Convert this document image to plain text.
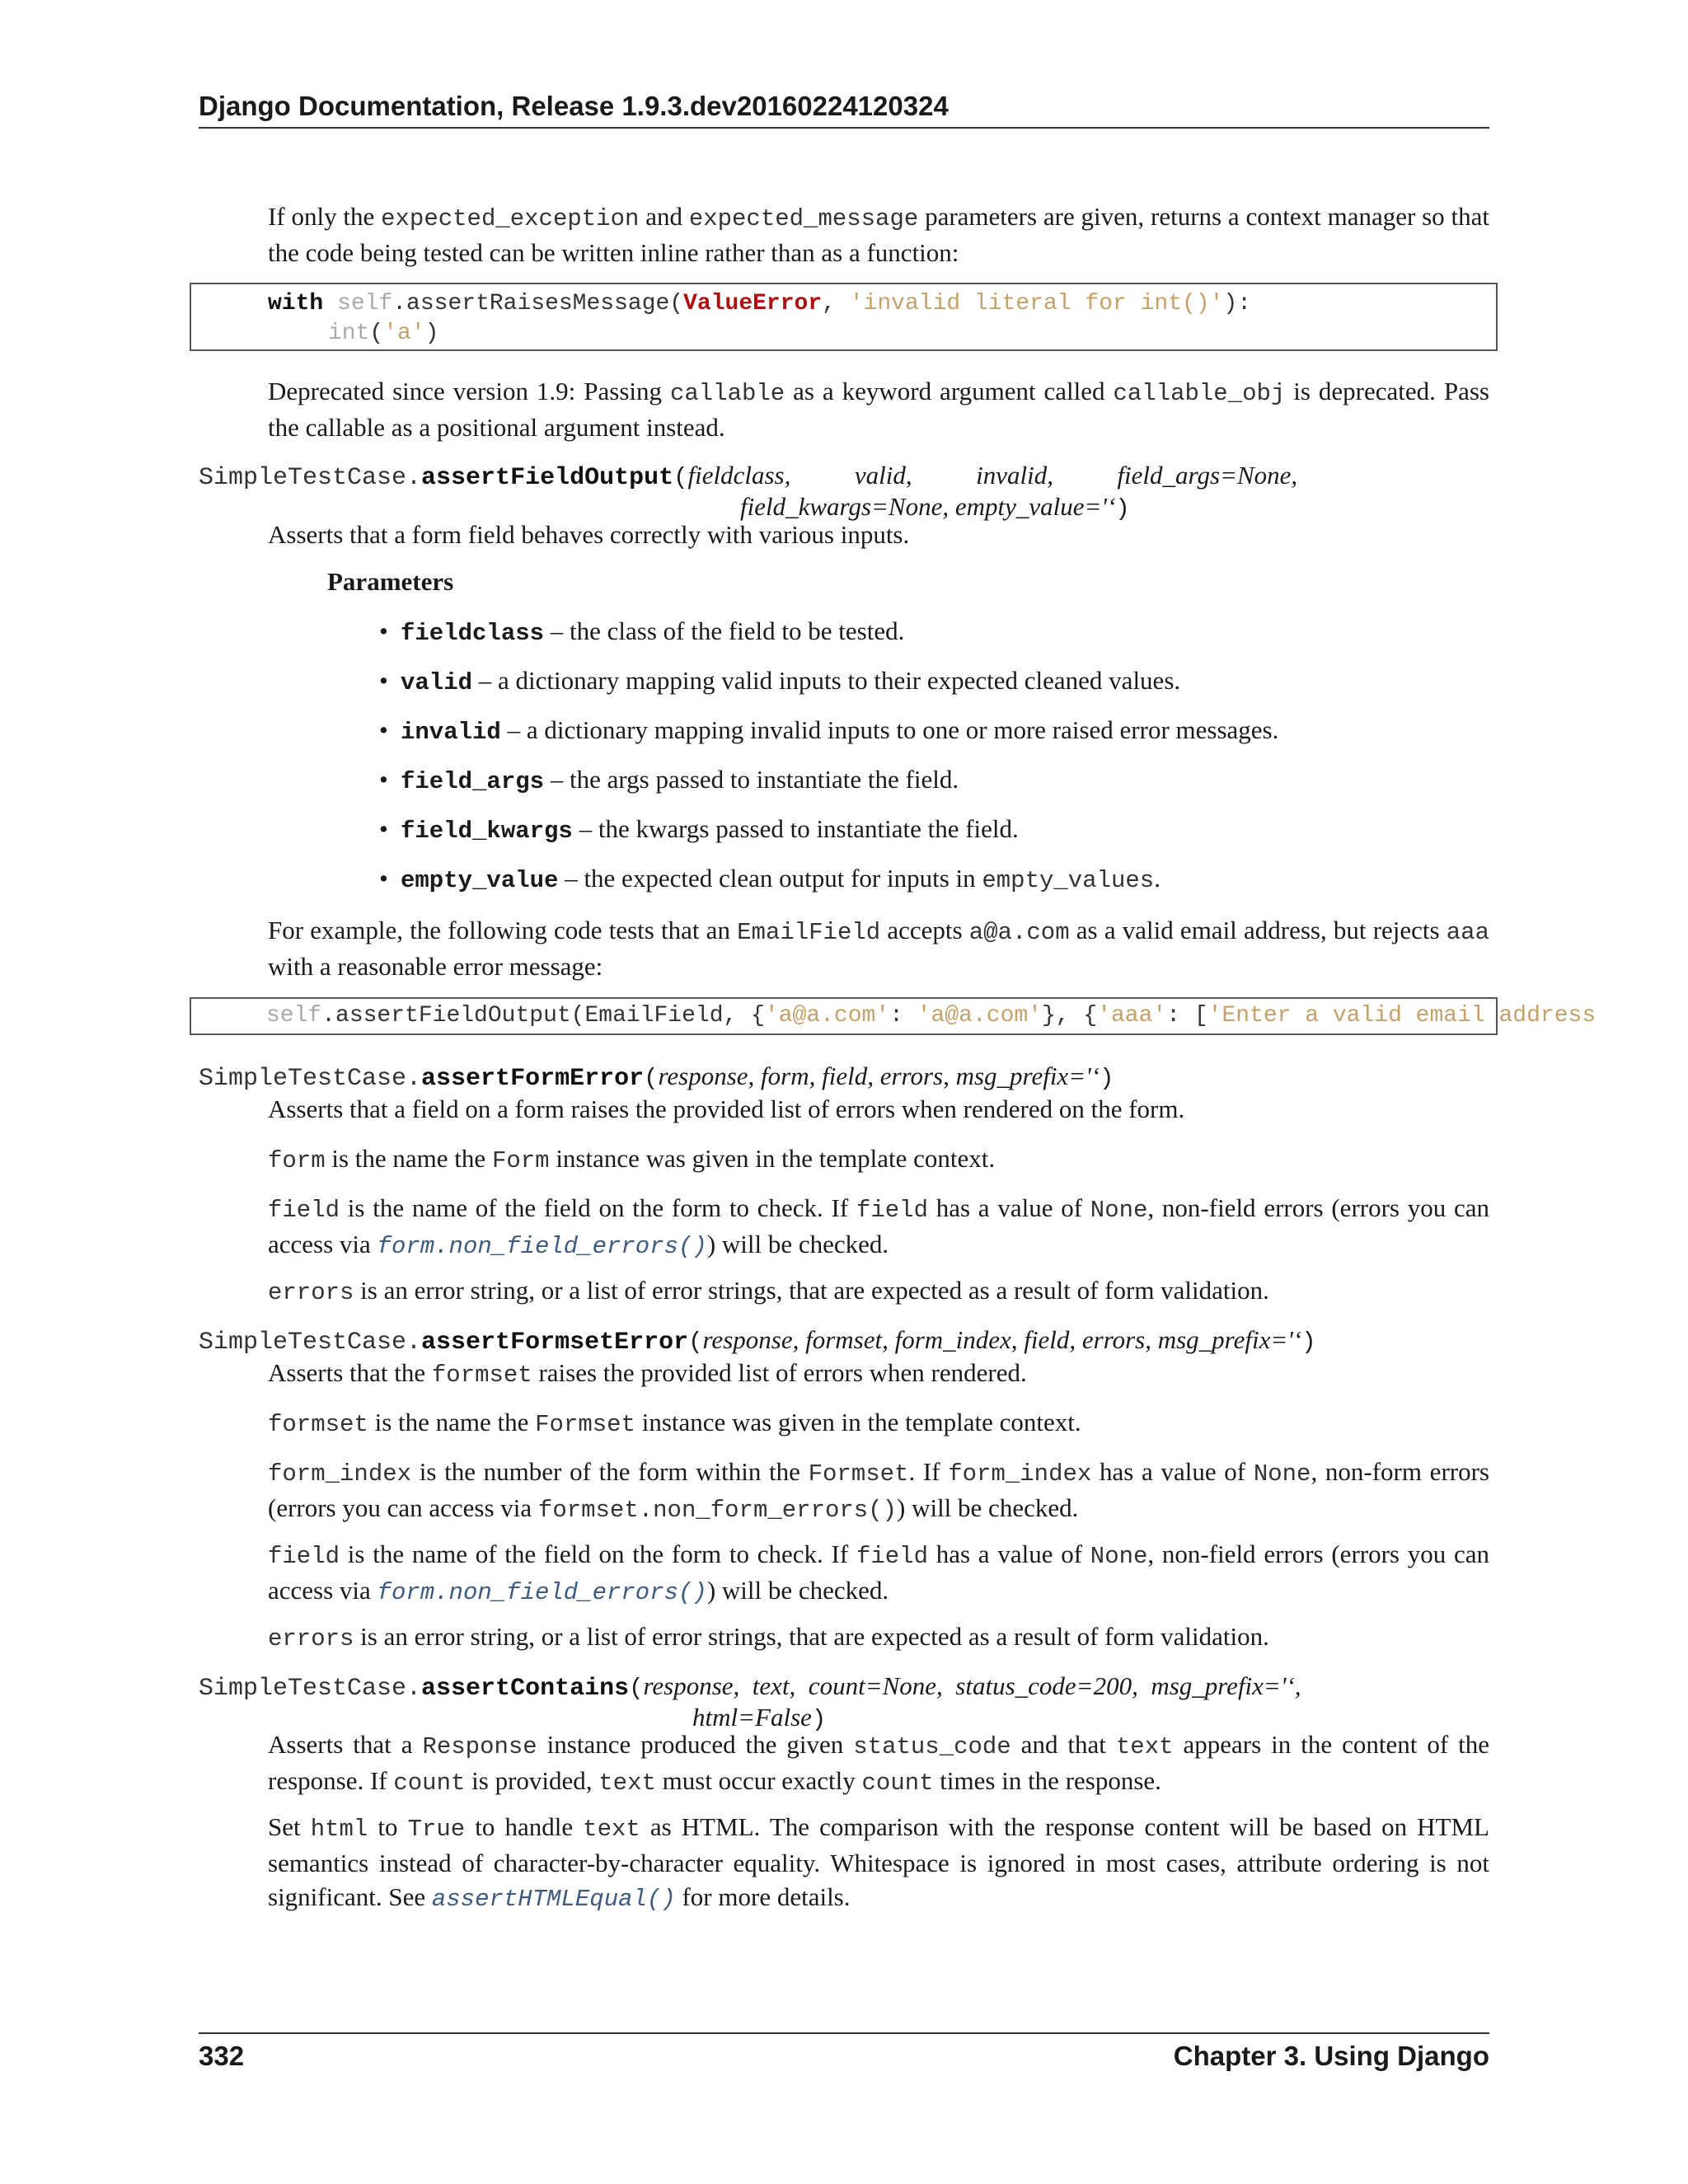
Django Documentation, Release 1.9.3.dev20160224120324
If only the expected_exception and expected_message parameters are given, returns a context manager so that the code being tested can be written inline rather than as a function:

with self.assertRaisesMessage(ValueError, 'invalid literal for int()'):

int('a')

Deprecated since version 1.9: Passing callable as a keyword argument called callable_obj is deprecated. Pass the callable as a positional argument instead.
SimpleTestCase.assertFieldOutput(fieldclass,          valid,          invalid,          field_args=None,
field_kwargs=None, empty_value='‘)
Asserts that a form field behaves correctly with various inputs.
Parameters
• fieldclass – the class of the field to be tested.
• valid – a dictionary mapping valid inputs to their expected cleaned values.
• invalid – a dictionary mapping invalid inputs to one or more raised error messages.
• field_args – the args passed to instantiate the field.
• field_kwargs – the kwargs passed to instantiate the field.
• empty_value – the expected clean output for inputs in empty_values.
For example, the following code tests that an EmailField accepts a@a.com as a valid email address, but rejects aaa with a reasonable error message:

self.assertFieldOutput(EmailField, {'a@a.com': 'a@a.com'}, {'aaa': ['Enter a valid email address

SimpleTestCase.assertFormError(response, form, field, errors, msg_prefix='‘)
Asserts that a field on a form raises the provided list of errors when rendered on the form.
form is the name the Form instance was given in the template context.
field is the name of the field on the form to check. If field has a value of None, non-field errors (errors you can access via form.non_field_errors()) will be checked.
errors is an error string, or a list of error strings, that are expected as a result of form validation.
SimpleTestCase.assertFormsetError(response, formset, form_index, field, errors, msg_prefix='‘)
Asserts that the formset raises the provided list of errors when rendered.
formset is the name the Formset instance was given in the template context.
form_index is the number of the form within the Formset. If form_index has a value of None, non-form errors (errors you can access via formset.non_form_errors()) will be checked.
field is the name of the field on the form to check. If field has a value of None, non-field errors (errors you can access via form.non_field_errors()) will be checked.
errors is an error string, or a list of error strings, that are expected as a result of form validation.
SimpleTestCase.assertContains(response,  text,  count=None,  status_code=200,  msg_prefix='‘,
html=False)
Asserts that a Response instance produced the given status_code and that text appears in the content of the response. If count is provided, text must occur exactly count times in the response.
Set html to True to handle text as HTML. The comparison with the response content will be based on HTML semantics instead of character-by-character equality. Whitespace is ignored in most cases, attribute ordering is not significant. See assertHTMLEqual() for more details.
332	Chapter 3. Using Django
